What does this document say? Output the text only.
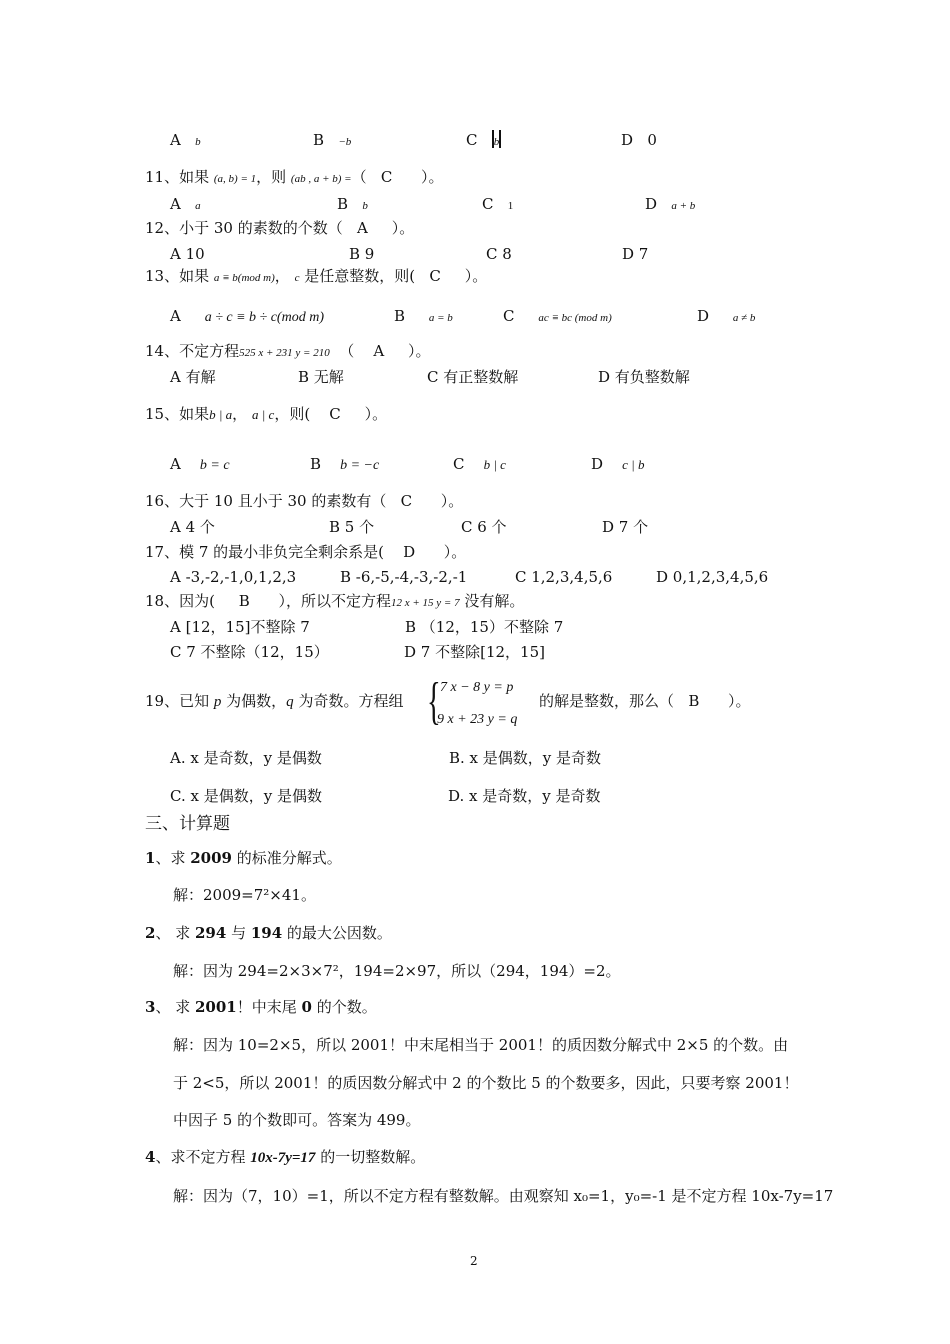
A b	B −b	C b	D 0
11、如果 (a, b) = 1，则 (ab , a + b) =（ C ）。
A a	B b	C 1	D a + b
12、小于 30 的素数的个数（ A ）。
A 10	B 9	C 8	D 7
13、如果 a ≡ b(mod m)， c 是任意整数，则( C ）。
A a ÷ c ≡ b ÷ c(mod m)	B a = b	C ac ≡ bc (mod m)	D a ≠ b
14、不定方程525 x + 231 y = 210 （ A ）。
A 有解	B 无解	C 有正整数解	D 有负整数解
15、如果b | a， a | c，则( C ）。
A b = c	B b = −c	C b | c	D c | b
16、大于 10 且小于 30 的素数有（ C ）。
A 4 个	B 5 个	C 6 个	D 7 个
17、模 7 的最小非负完全剩余系是( D ）。
A -3,-2,-1,0,1,2,3	B -6,-5,-4,-3,-2,-1	C 1,2,3,4,5,6	D 0,1,2,3,4,5,6
18、因为( B ），所以不定方程12 x + 15 y = 7 没有解。
A [12，15]不整除 7	B （12，15）不整除 7
C 7 不整除（12，15）	D 7 不整除[12，15]
19、已知 p 为偶数，q 为奇数。方程组 { 7 x − 8 y = p
9 x + 23 y = q
的解是整数，那么（ B ）。
A. x 是奇数，y 是偶数	B. x 是偶数，y 是奇数
C. x 是偶数，y 是偶数	D. x 是奇数，y 是奇数
三、计算题
1、求 2009 的标准分解式。
解：2009=7²×41。
2、 求 294 与 194 的最大公因数。
解：因为 294=2×3×7²，194=2×97，所以（294，194）=2。
3、 求 2001！中末尾 0 的个数。
解：因为 10=2×5，所以 2001！中末尾相当于 2001！的质因数分解式中 2×5 的个数。由
于 2<5，所以 2001！的质因数分解式中 2 的个数比 5 的个数要多，因此，只要考察 2001！
中因子 5 的个数即可。答案为 499。
4、求不定方程 10x-7y=17 的一切整数解。
解：因为（7，10）=1，所以不定方程有整数解。由观察知 x₀=1，y₀=-1 是不定方程 10x-7y=17
2
